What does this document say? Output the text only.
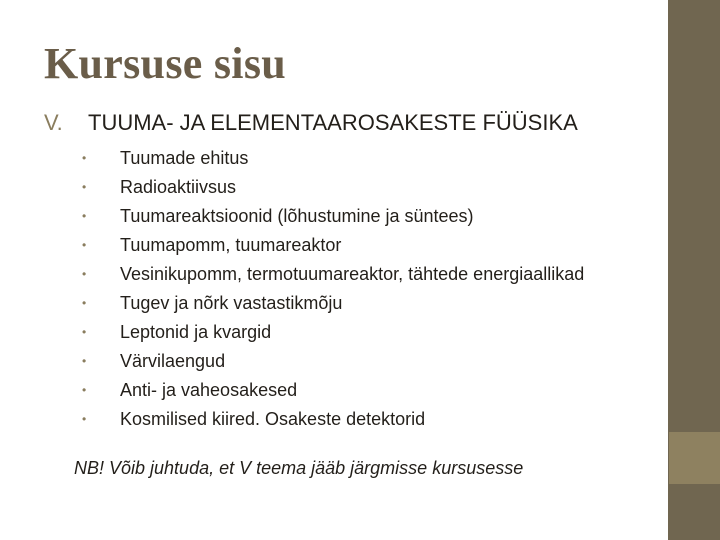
Kursuse sisu
V. TUUMA- JA ELEMENTAAROSAKESTE FÜÜSIKA
•	Tuumade ehitus
•	Radioaktiivsus
•	Tuumareaktsioonid (lõhustumine ja süntees)
•	Tuumapomm, tuumareaktor
•	Vesinikupomm, termotuumareaktor, tähtede energiaallikad
•	Tugev ja nõrk vastastikmõju
•	Leptonid ja kvargid
•	Värvilaengud
•	Anti- ja vaheosakesed
•	Kosmilised kiired. Osakeste detektorid
NB! Võib juhtuda, et V teema jääb järgmisse kursusesse
